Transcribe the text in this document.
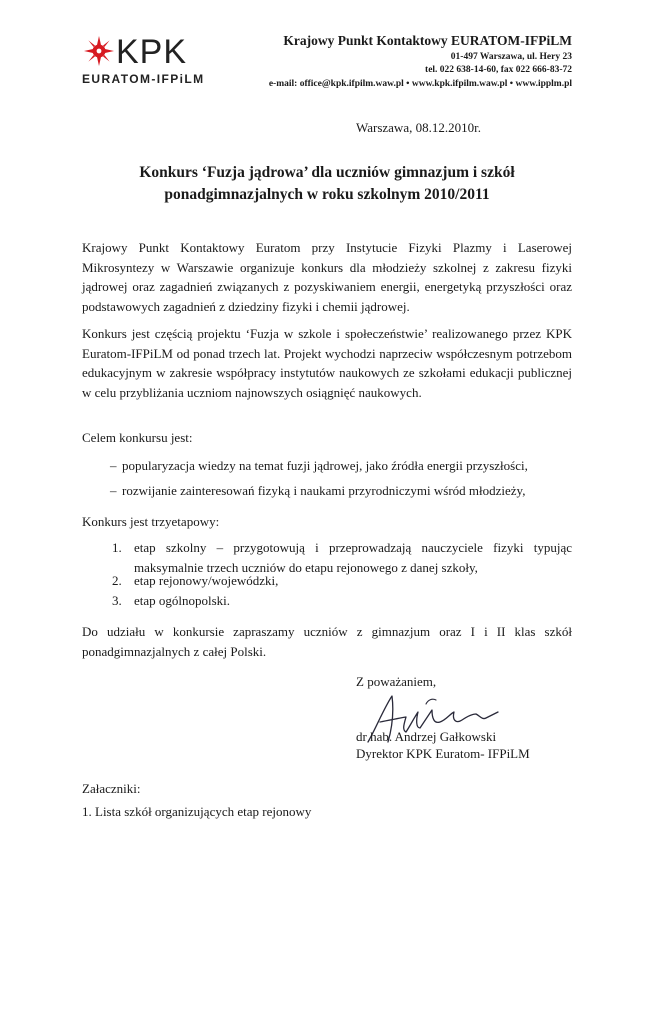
KPK
EURATOM-IFPiLM
Krajowy Punkt Kontaktowy EURATOM-IFPiLM
01-497 Warszawa, ul. Hery 23
tel. 022 638-14-60, fax 022 666-83-72
e-mail: office@kpk.ifpilm.waw.pl • www.kpk.ifpilm.waw.pl • www.ipplm.pl
Warszawa, 08.12.2010r.
Konkurs ‘Fuzja jądrowa’ dla uczniów gimnazjum i szkół
ponadgimnazjalnych w roku szkolnym 2010/2011
Krajowy Punkt Kontaktowy Euratom przy Instytucie Fizyki Plazmy i Laserowej Mikrosyntezy w Warszawie organizuje konkurs dla młodzieży szkolnej z zakresu fizyki jądrowej oraz zagadnień związanych z pozyskiwaniem energii, energetyką przyszłości oraz podstawowych zagadnień z dziedziny fizyki i chemii jądrowej.
Konkurs jest częścią projektu ‘Fuzja w szkole i społeczeństwie’ realizowanego przez KPK Euratom-IFPiLM od ponad trzech lat. Projekt wychodzi naprzeciw współczesnym potrzebom edukacyjnym w zakresie współpracy instytutów naukowych ze szkołami edukacji publicznej w celu przybliżania uczniom najnowszych osiągnięć naukowych.
Celem konkursu jest:
– popularyzacja wiedzy na temat fuzji jądrowej, jako źródła energii przyszłości,
– rozwijanie zainteresowań fizyką i naukami przyrodniczymi wśród młodzieży,
Konkurs jest trzyetapowy:
1. etap szkolny – przygotowują i przeprowadzają nauczyciele fizyki typując maksymalnie trzech uczniów do etapu rejonowego z danej szkoły,
2. etap rejonowy/wojewódzki,
3. etap ogólnopolski.
Do udziału w konkursie zapraszamy uczniów z gimnazjum oraz I i II klas szkół ponadgimnazjalnych z całej Polski.
Z poważaniem,
dr hab. Andrzej Gałkowski
Dyrektor KPK Euratom- IFPiLM
Załaczniki:
1. Lista szkół organizujących etap rejonowy
